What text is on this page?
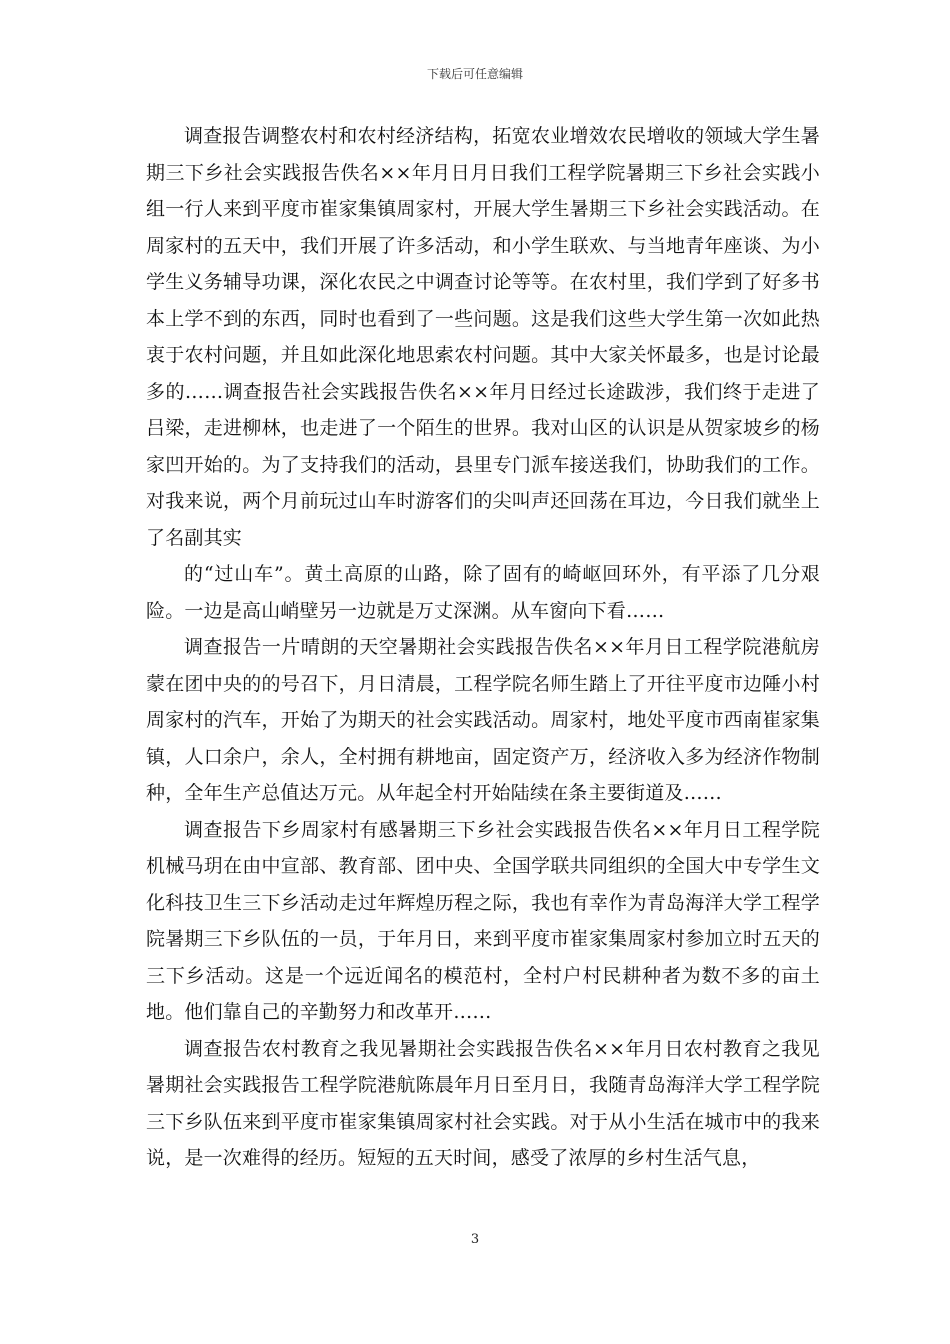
下载后可任意编辑

调查报告调整农村和农村经济结构，拓宽农业增效农民增收的领域大学生暑期三下乡社会实践报告佚名××年月日月日我们工程学院暑期三下乡社会实践小组一行人来到平度市崔家集镇周家村，开展大学生暑期三下乡社会实践活动。在周家村的五天中，我们开展了许多活动，和小学生联欢、与当地青年座谈、为小学生义务辅导功课，深化农民之中调查讨论等等。在农村里，我们学到了好多书本上学不到的东西，同时也看到了一些问题。这是我们这些大学生第一次如此热衷于农村问题，并且如此深化地思索农村问题。其中大家关怀最多，也是讨论最多的……调查报告社会实践报告佚名××年月日经过长途跋涉，我们终于走进了吕梁，走进柳林，也走进了一个陌生的世界。我对山区的认识是从贺家坡乡的杨家凹开始的。为了支持我们的活动，县里专门派车接送我们，协助我们的工作。对我来说，两个月前玩过山车时游客们的尖叫声还回荡在耳边，今日我们就坐上了名副其实

的“过山车”。黄土高原的山路，除了固有的崎岖回环外，有平添了几分艰险。一边是高山峭壁另一边就是万丈深渊。从车窗向下看……

调查报告一片晴朗的天空暑期社会实践报告佚名××年月日工程学院港航房蒙在团中央的的号召下，月日清晨，工程学院名师生踏上了开往平度市边陲小村周家村的汽车，开始了为期天的社会实践活动。周家村，地处平度市西南崔家集镇，人口余户，余人，全村拥有耕地亩，固定资产万，经济收入多为经济作物制种，全年生产总值达万元。从年起全村开始陆续在条主要街道及……

调查报告下乡周家村有感暑期三下乡社会实践报告佚名××年月日工程学院机械马玥在由中宣部、教育部、团中央、全国学联共同组织的全国大中专学生文化科技卫生三下乡活动走过年辉煌历程之际，我也有幸作为青岛海洋大学工程学院暑期三下乡队伍的一员，于年月日，来到平度市崔家集周家村参加立时五天的三下乡活动。这是一个远近闻名的模范村，全村户村民耕种者为数不多的亩土地。他们靠自己的辛勤努力和改革开……

调查报告农村教育之我见暑期社会实践报告佚名××年月日农村教育之我见暑期社会实践报告工程学院港航陈晨年月日至月日，我随青岛海洋大学工程学院三下乡队伍来到平度市崔家集镇周家村社会实践。对于从小生活在城市中的我来说，是一次难得的经历。短短的五天时间，感受了浓厚的乡村生活气息，

3
